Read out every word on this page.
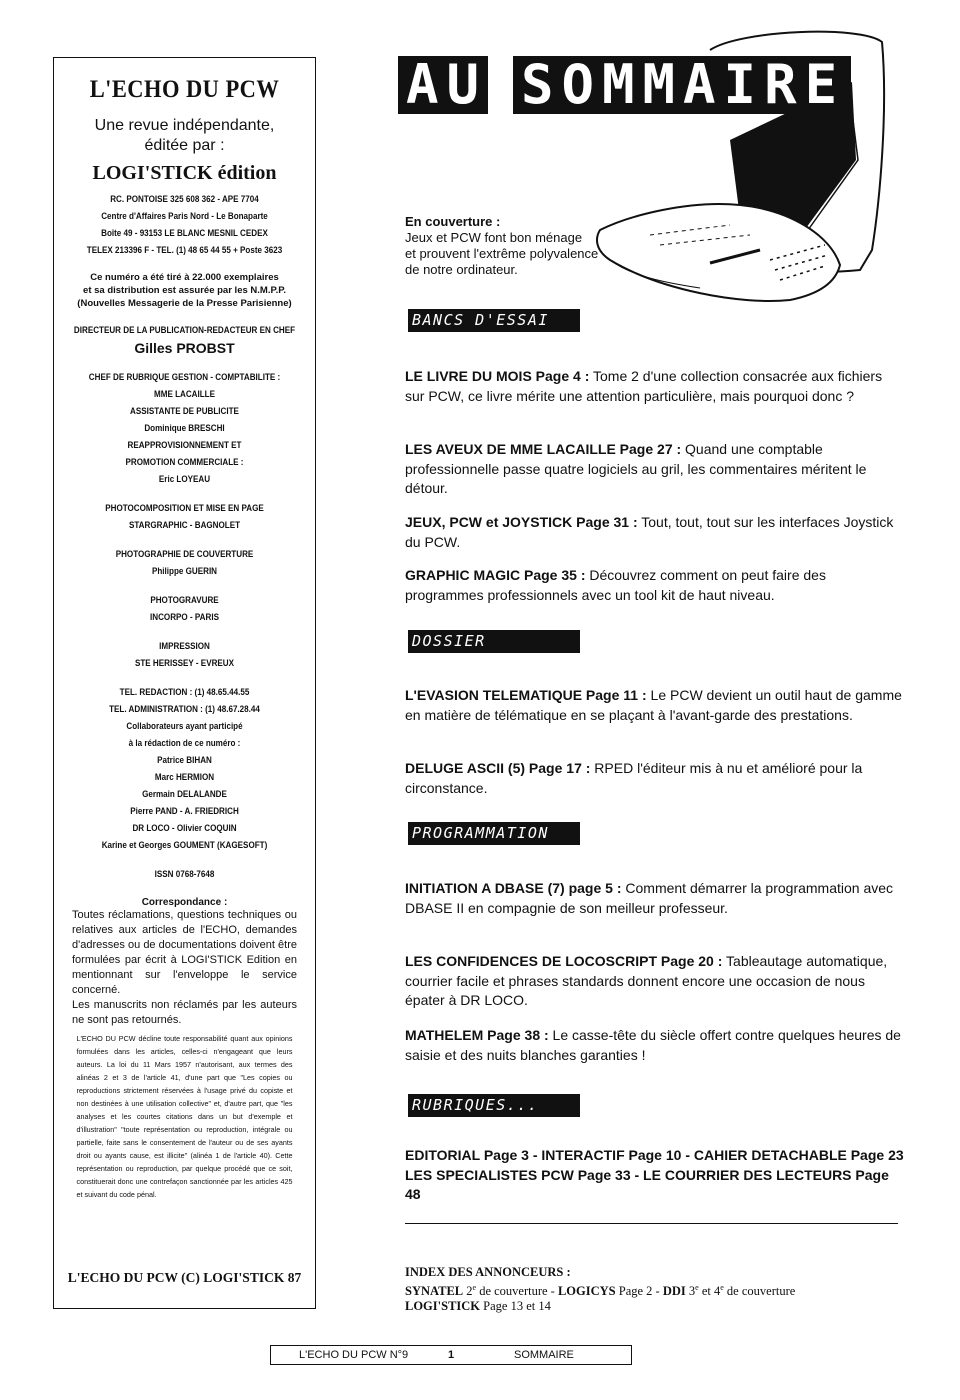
L'ECHO DU PCW
Une revue indépendante,
éditée par :
LOGI'STICK édition
RC. PONTOISE 325 608 362 - APE 7704
Centre d'Affaires Paris Nord - Le Bonaparte
Boîte 49 - 93153 LE BLANC MESNIL CEDEX
TELEX 213396 F - TEL. (1) 48 65 44 55 + Poste 3623
Ce numéro a été tiré à 22.000 exemplaires
et sa distribution est assurée par les N.M.P.P.
(Nouvelles Messagerie de la Presse Parisienne)
DIRECTEUR DE LA PUBLICATION-REDACTEUR EN CHEF
Gilles PROBST
CHEF DE RUBRIQUE GESTION - COMPTABILITE :
MME LACAILLE
ASSISTANTE DE PUBLICITE
Dominique BRESCHI
REAPPROVISIONNEMENT ET
PROMOTION COMMERCIALE :
Eric LOYEAU
PHOTOCOMPOSITION ET MISE EN PAGE
STARGRAPHIC - BAGNOLET
PHOTOGRAPHIE DE COUVERTURE
Philippe GUERIN
PHOTOGRAVURE
INCORPO - PARIS
IMPRESSION
STE HERISSEY - EVREUX
TEL. REDACTION : (1) 48.65.44.55
TEL. ADMINISTRATION : (1) 48.67.28.44
Collaborateurs ayant participé
à la rédaction de ce numéro :
Patrice BIHAN
Marc HERMION
Germain DELALANDE
Pierre PAND - A. FRIEDRICH
DR LOCO - Olivier COQUIN
Karine et Georges GOUMENT (KAGESOFT)
ISSN 0768-7648
Correspondance :
Toutes réclamations, questions techniques ou relatives aux articles de l'ECHO, demandes d'adresses ou de documentations doivent être formulées par écrit à LOGI'STICK Edition en mentionnant sur l'enveloppe le service concerné.
Les manuscrits non réclamés par les auteurs ne sont pas retournés.
L'ECHO DU PCW décline toute responsabilité quant aux opinions formulées dans les articles, celles-ci n'engageant que leurs auteurs. La loi du 11 Mars 1957 n'autorisant, aux termes des alinéas 2 et 3 de l'article 41, d'une part que "Les copies ou reproductions strictement réservées à l'usage privé du copiste et non destinées à une utilisation collective" et, d'autre part, que "les analyses et les courtes citations dans un but d'exemple et d'illustration" "toute représentation ou reproduction, intégrale ou partielle, faite sans le consentement de l'auteur ou de ses ayants droit ou ayants cause, est illicite" (alinéa 1 de l'article 40). Cette représentation ou reproduction, par quelque procédé que ce soit, constituerait donc une contrefaçon sanctionnée par les articles 425 et suivant du code pénal.
L'ECHO DU PCW (C) LOGI'STICK 87
AU SOMMAIRE
En couverture :
Jeux et PCW font bon ménage
et prouvent l'extrême polyvalence
de notre ordinateur.
BANCS D'ESSAI
LE LIVRE DU MOIS Page 4 : Tome 2 d'une collection consacrée aux fichiers sur PCW, ce livre mérite une attention particulière, mais pourquoi donc ?
LES AVEUX DE MME LACAILLE Page 27 : Quand une comptable professionnelle passe quatre logiciels au gril, les commentaires méritent le détour.
JEUX, PCW et JOYSTICK Page 31 : Tout, tout, tout sur les interfaces Joystick du PCW.
GRAPHIC MAGIC Page 35 : Découvrez comment on peut faire des programmes professionnels avec un tool kit de haut niveau.
DOSSIER
L'EVASION TELEMATIQUE Page 11 : Le PCW devient un outil haut de gamme en matière de télématique en se plaçant à l'avant-garde des prestations.
DELUGE ASCII (5) Page 17 : RPED l'éditeur mis à nu et amélioré pour la circonstance.
PROGRAMMATION
INITIATION A DBASE (7) page 5 : Comment démarrer la programmation avec DBASE II en compagnie de son meilleur professeur.
LES CONFIDENCES DE LOCOSCRIPT Page 20 : Tableautage automatique, courrier facile et phrases standards donnent encore une occasion de nous épater à DR LOCO.
MATHELEM Page 38 : Le casse-tête du siècle offert contre quelques heures de saisie et des nuits blanches garanties !
RUBRIQUES...
EDITORIAL Page 3 - INTERACTIF Page 10 - CAHIER DETACHABLE Page 23
LES SPECIALISTES PCW Page 33 - LE COURRIER DES LECTEURS Page 48
INDEX DES ANNONCEURS :
SYNATEL 2e de couverture - LOGICYS Page 2 - DDI 3e et 4e de couverture
LOGI'STICK Page 13 et 14
L'ECHO DU PCW N°9	1	SOMMAIRE
